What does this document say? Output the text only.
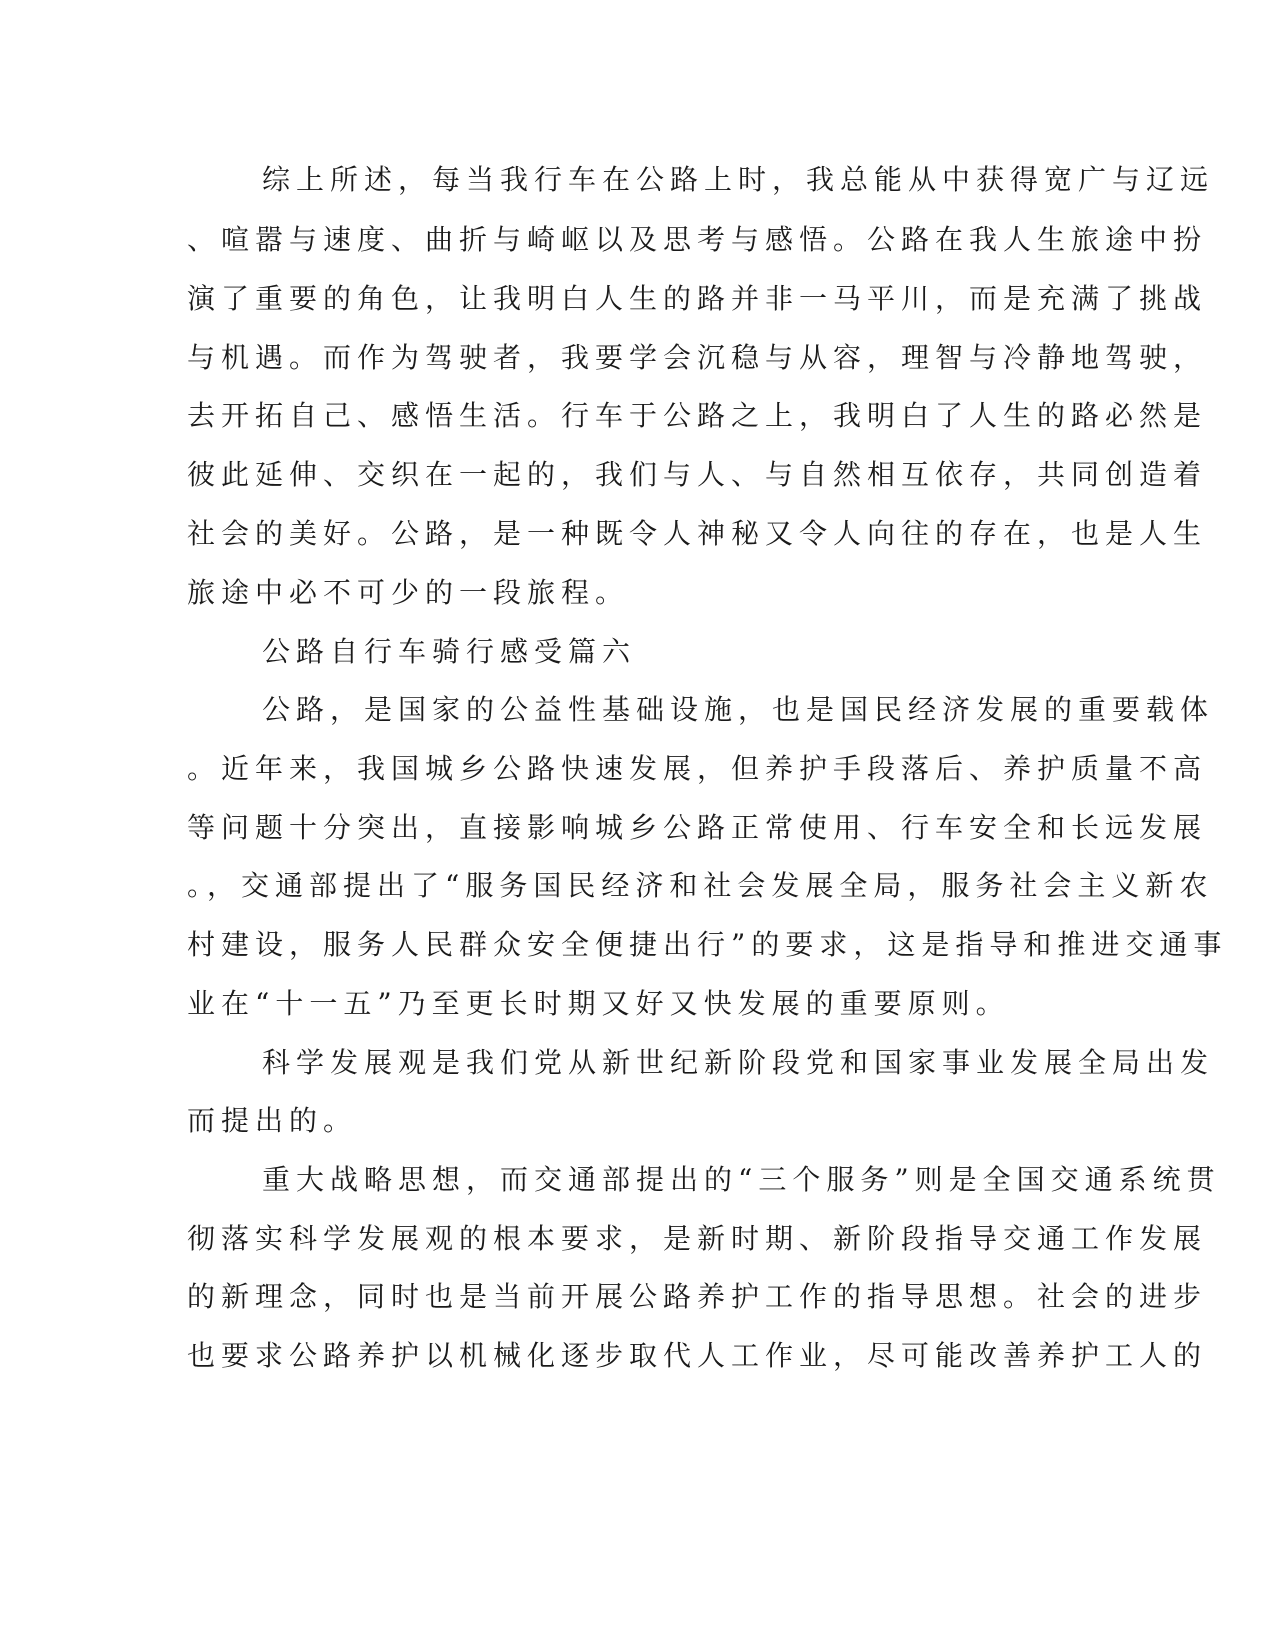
综上所述，每当我行车在公路上时，我总能从中获得宽广与辽远

、喧嚣与速度、曲折与崎岖以及思考与感悟。公路在我人生旅途中扮

演了重要的角色，让我明白人生的路并非一马平川，而是充满了挑战

与机遇。而作为驾驶者，我要学会沉稳与从容，理智与冷静地驾驶，

去开拓自己、感悟生活。行车于公路之上，我明白了人生的路必然是

彼此延伸、交织在一起的，我们与人、与自然相互依存，共同创造着

社会的美好。公路，是一种既令人神秘又令人向往的存在，也是人生

旅途中必不可少的一段旅程。

公路自行车骑行感受篇六

公路，是国家的公益性基础设施，也是国民经济发展的重要载体

。近年来，我国城乡公路快速发展，但养护手段落后、养护质量不高

等问题十分突出，直接影响城乡公路正常使用、行车安全和长远发展

。，交通部提出了“服务国民经济和社会发展全局，服务社会主义新农

村建设，服务人民群众安全便捷出行”的要求，这是指导和推进交通事

业在“十一五”乃至更长时期又好又快发展的重要原则。

科学发展观是我们党从新世纪新阶段党和国家事业发展全局出发

而提出的。

重大战略思想，而交通部提出的“三个服务”则是全国交通系统贯

彻落实科学发展观的根本要求，是新时期、新阶段指导交通工作发展

的新理念，同时也是当前开展公路养护工作的指导思想。社会的进步

也要求公路养护以机械化逐步取代人工作业，尽可能改善养护工人的
